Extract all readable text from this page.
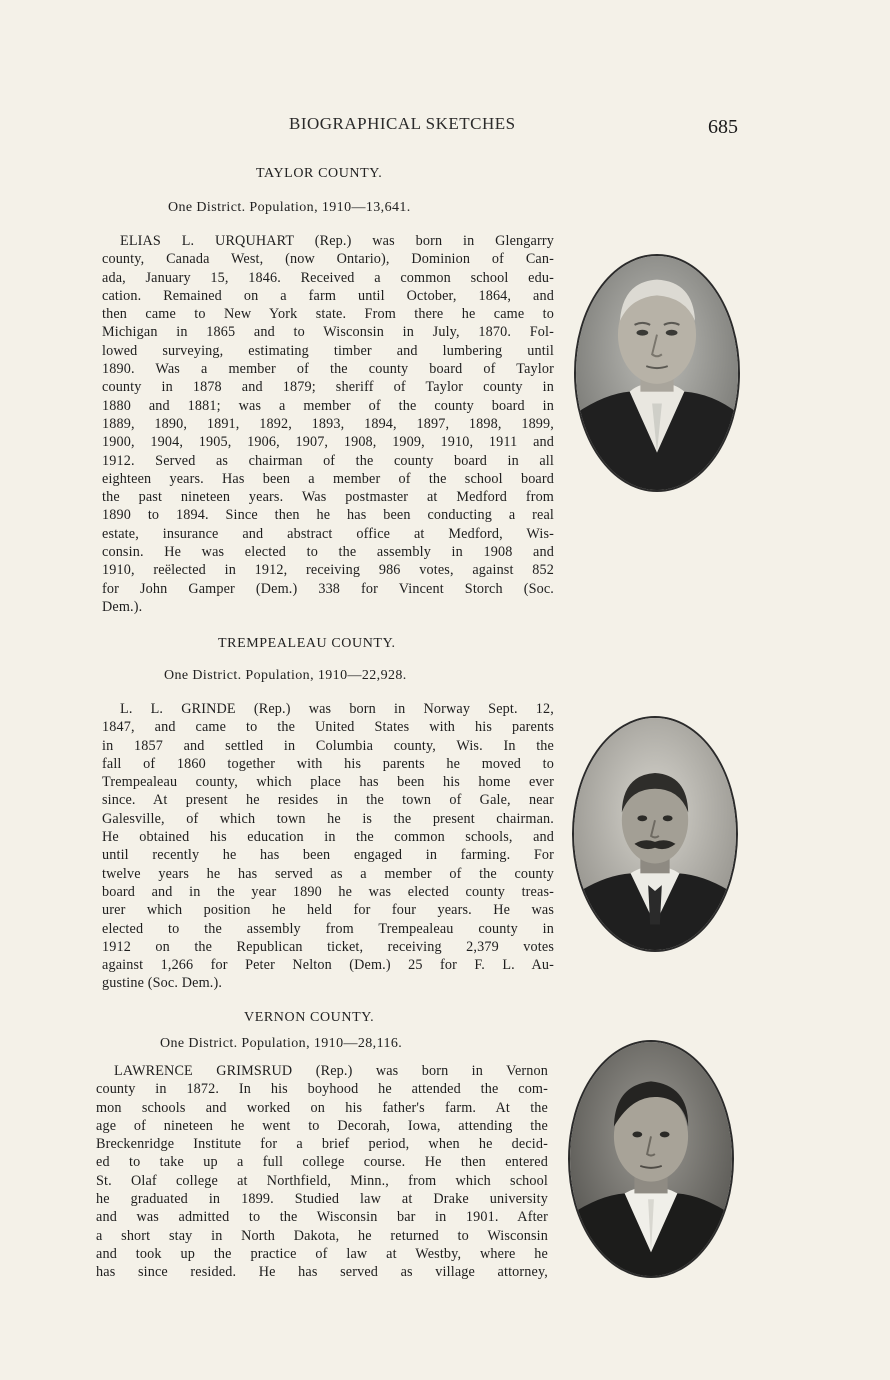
BIOGRAPHICAL SKETCHES	685
TAYLOR COUNTY.
One District. Population, 1910—13,641.
ELIAS L. URQUHART (Rep.) was born in Glengarry
county, Canada West, (now Ontario), Dominion of Can-
ada, January 15, 1846. Received a common school edu-
cation. Remained on a farm until October, 1864, and
then came to New York state. From there he came to
Michigan in 1865 and to Wisconsin in July, 1870. Fol-
lowed surveying, estimating timber and lumbering until
1890. Was a member of the county board of Taylor
county in 1878 and 1879; sheriff of Taylor county in
1880 and 1881; was a member of the county board in
1889, 1890, 1891, 1892, 1893, 1894, 1897, 1898, 1899,
1900, 1904, 1905, 1906, 1907, 1908, 1909, 1910, 1911 and
1912. Served as chairman of the county board in all
eighteen years. Has been a member of the school board
the past nineteen years. Was postmaster at Medford from
1890 to 1894. Since then he has been conducting a real
estate, insurance and abstract office at Medford, Wis-
consin. He was elected to the assembly in 1908 and
1910, reëlected in 1912, receiving 986 votes, against 852
for John Gamper (Dem.) 338 for Vincent Storch (Soc.
Dem.).
TREMPEALEAU COUNTY.
One District. Population, 1910—22,928.
L. L. GRINDE (Rep.) was born in Norway Sept. 12,
1847, and came to the United States with his parents
in 1857 and settled in Columbia county, Wis. In the
fall of 1860 together with his parents he moved to
Trempealeau county, which place has been his home ever
since. At present he resides in the town of Gale, near
Galesville, of which town he is the present chairman.
He obtained his education in the common schools, and
until recently he has been engaged in farming. For
twelve years he has served as a member of the county
board and in the year 1890 he was elected county treas-
urer which position he held for four years. He was
elected to the assembly from Trempealeau county in
1912 on the Republican ticket, receiving 2,379 votes
against 1,266 for Peter Nelton (Dem.) 25 for F. L. Au-
gustine (Soc. Dem.).
VERNON COUNTY.
One District. Population, 1910—28,116.
LAWRENCE GRIMSRUD (Rep.) was born in Vernon
county in 1872. In his boyhood he attended the com-
mon schools and worked on his father's farm. At the
age of nineteen he went to Decorah, Iowa, attending the
Breckenridge Institute for a brief period, when he decid-
ed to take up a full college course. He then entered
St. Olaf college at Northfield, Minn., from which school
he graduated in 1899. Studied law at Drake university
and was admitted to the Wisconsin bar in 1901. After
a short stay in North Dakota, he returned to Wisconsin
and took up the practice of law at Westby, where he
has since resided. He has served as village attorney,
